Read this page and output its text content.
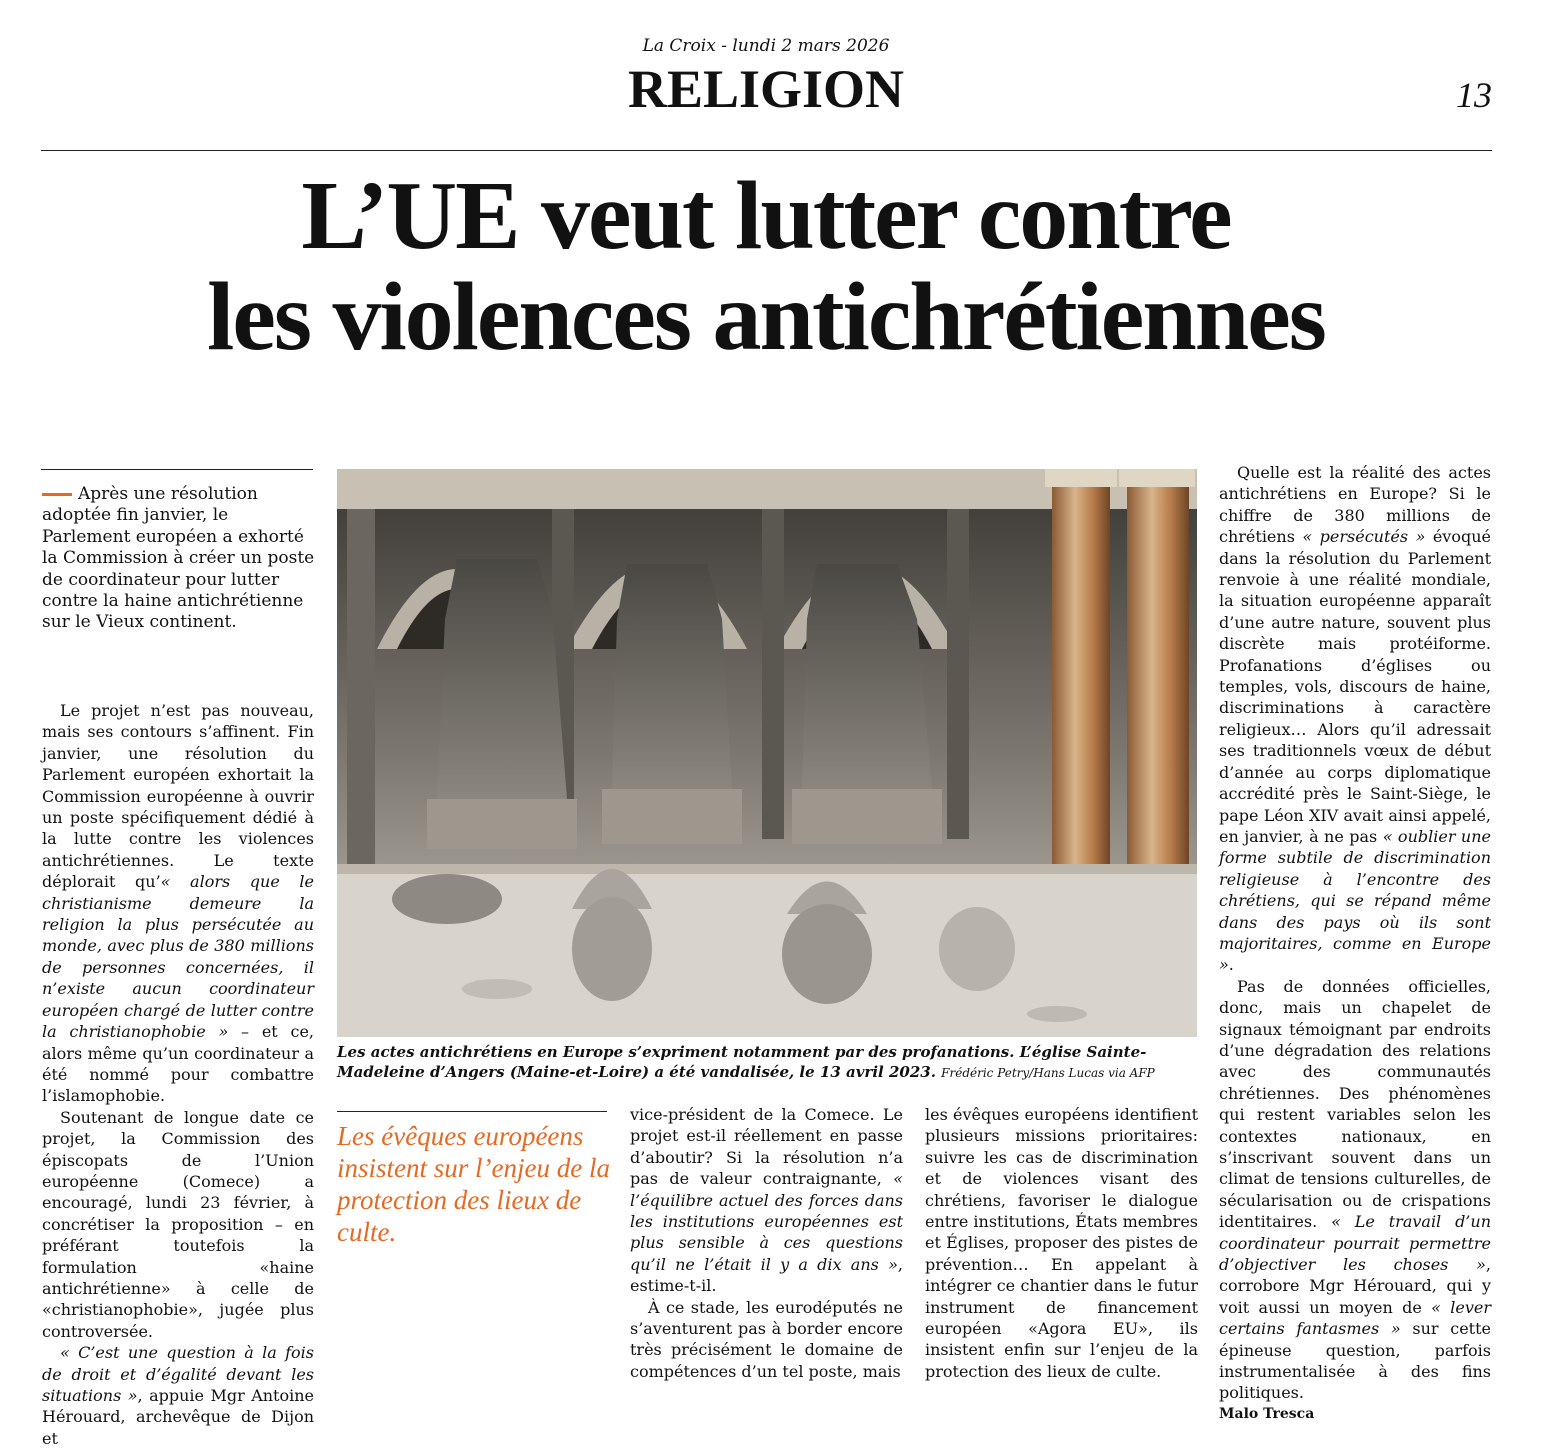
La Croix - lundi 2 mars 2026
RELIGION	13
L’UE veut lutter contre
les violences antichrétiennes

Après une résolution adoptée fin janvier, le Parlement européen a exhorté la Commission à créer un poste de coordinateur pour lutter contre la haine antichrétienne sur le Vieux continent.

Le projet n’est pas nouveau, mais ses contours s’affinent. Fin janvier, une résolution du Parlement européen exhortait la Commission européenne à ouvrir un poste spécifiquement dédié à la lutte contre les violences antichrétiennes. Le texte déplorait qu’« alors que le christianisme demeure la religion la plus persécutée au monde, avec plus de 380 millions de personnes concernées, il n’existe aucun coordinateur européen chargé de lutter contre la christianophobie » – et ce, alors même qu’un coordinateur a été nommé pour combattre l’islamophobie.

Soutenant de longue date ce projet, la Commission des épiscopats de l’Union européenne (Comece) a encouragé, lundi 23 février, à concrétiser la proposition – en préférant toutefois la formulation «haine antichrétienne» à celle de «christianophobie», jugée plus controversée.

« C’est une question à la fois de droit et d’égalité devant les situations », appuie Mgr Antoine Hérouard, archevêque de Dijon et

Les actes antichrétiens en Europe s’expriment notamment par des profanations. L’église Sainte-Madeleine d’Angers (Maine-et-Loire) a été vandalisée, le 13 avril 2023. Frédéric Petry/Hans Lucas via AFP

Les évêques européens insistent sur l’enjeu de la protection des lieux de culte.

vice-président de la Comece. Le projet est-il réellement en passe d’aboutir? Si la résolution n’a pas de valeur contraignante, « l’équilibre actuel des forces dans les institutions européennes est plus sensible à ces questions qu’il ne l’était il y a dix ans », estime-t-il.

À ce stade, les eurodéputés ne s’aventurent pas à border encore très précisément le domaine de compétences d’un tel poste, mais

les évêques européens identifient plusieurs missions prioritaires: suivre les cas de discrimination et de violences visant des chrétiens, favoriser le dialogue entre institutions, États membres et Églises, proposer des pistes de prévention… En appelant à intégrer ce chantier dans le futur instrument de financement européen «Agora EU», ils insistent enfin sur l’enjeu de la protection des lieux de culte.

Quelle est la réalité des actes antichrétiens en Europe? Si le chiffre de 380 millions de chrétiens « persécutés » évoqué dans la résolution du Parlement renvoie à une réalité mondiale, la situation européenne apparaît d’une autre nature, souvent plus discrète mais protéiforme. Profanations d’églises ou temples, vols, discours de haine, discriminations à caractère religieux… Alors qu’il adressait ses traditionnels vœux de début d’année au corps diplomatique accrédité près le Saint-Siège, le pape Léon XIV avait ainsi appelé, en janvier, à ne pas « oublier une forme subtile de discrimination religieuse à l’encontre des chrétiens, qui se répand même dans des pays où ils sont majoritaires, comme en Europe ».

Pas de données officielles, donc, mais un chapelet de signaux témoignant par endroits d’une dégradation des relations avec des communautés chrétiennes. Des phénomènes qui restent variables selon les contextes nationaux, en s’inscrivant souvent dans un climat de tensions culturelles, de sécularisation ou de crispations identitaires. « Le travail d’un coordinateur pourrait permettre d’objectiver les choses », corrobore Mgr Hérouard, qui y voit aussi un moyen de « lever certains fantasmes » sur cette épineuse question, parfois instrumentalisée à des fins politiques.

Malo Tresca
